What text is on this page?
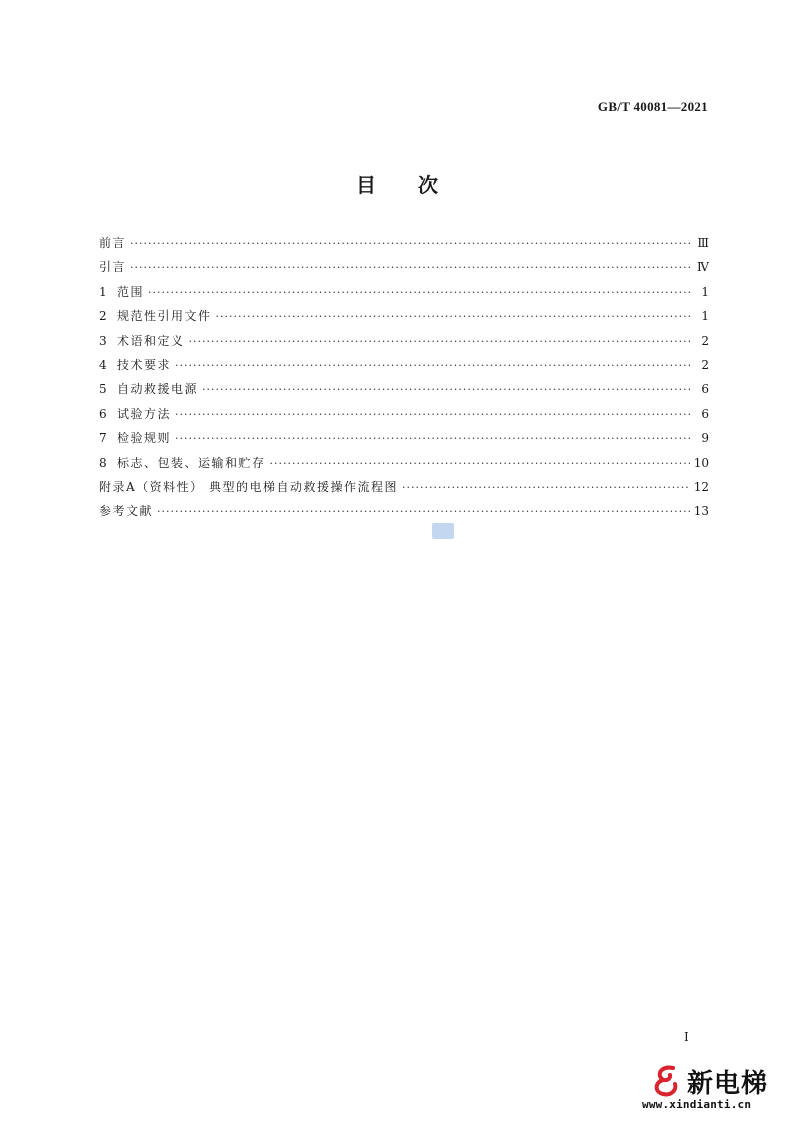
GB/T 40081—2021
目次
前言 ·····	Ⅲ
引言 ·····	Ⅳ
1 范围 ·····	1
2 规范性引用文件 ·····	1
3 术语和定义 ·····	2
4 技术要求 ·····	2
5 自动救援电源 ·····	6
6 试验方法 ·····	6
7 检验规则 ·····	9
8 标志、包装、运输和贮存 ·····	10
附录A（资料性） 典型的电梯自动救援操作流程图 ·····	12
参考文献 ·····	13
Ⅰ
新电梯
www.xindianti.cn
